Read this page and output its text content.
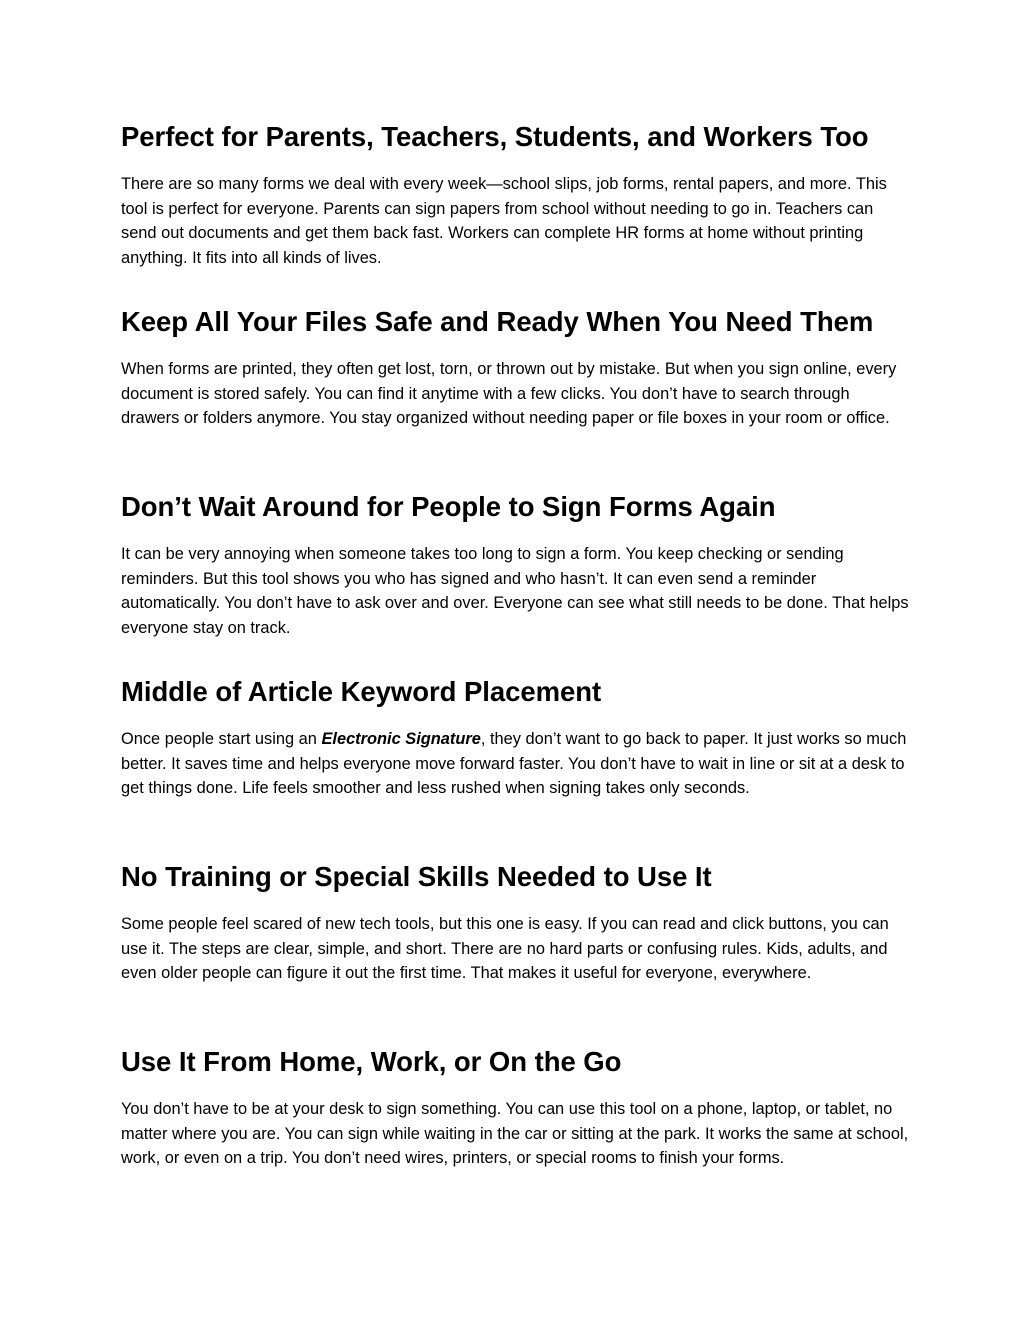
Perfect for Parents, Teachers, Students, and Workers Too

There are so many forms we deal with every week—school slips, job forms, rental papers, and more. This tool is perfect for everyone. Parents can sign papers from school without needing to go in. Teachers can send out documents and get them back fast. Workers can complete HR forms at home without printing anything. It fits into all kinds of lives.

Keep All Your Files Safe and Ready When You Need Them

When forms are printed, they often get lost, torn, or thrown out by mistake. But when you sign online, every document is stored safely. You can find it anytime with a few clicks. You don’t have to search through drawers or folders anymore. You stay organized without needing paper or file boxes in your room or office.

Don’t Wait Around for People to Sign Forms Again

It can be very annoying when someone takes too long to sign a form. You keep checking or sending reminders. But this tool shows you who has signed and who hasn’t. It can even send a reminder automatically. You don’t have to ask over and over. Everyone can see what still needs to be done. That helps everyone stay on track.

Middle of Article Keyword Placement

Once people start using an Electronic Signature, they don’t want to go back to paper. It just works so much better. It saves time and helps everyone move forward faster. You don’t have to wait in line or sit at a desk to get things done. Life feels smoother and less rushed when signing takes only seconds.

No Training or Special Skills Needed to Use It

Some people feel scared of new tech tools, but this one is easy. If you can read and click buttons, you can use it. The steps are clear, simple, and short. There are no hard parts or confusing rules. Kids, adults, and even older people can figure it out the first time. That makes it useful for everyone, everywhere.

Use It From Home, Work, or On the Go

You don’t have to be at your desk to sign something. You can use this tool on a phone, laptop, or tablet, no matter where you are. You can sign while waiting in the car or sitting at the park. It works the same at school, work, or even on a trip. You don’t need wires, printers, or special rooms to finish your forms.
